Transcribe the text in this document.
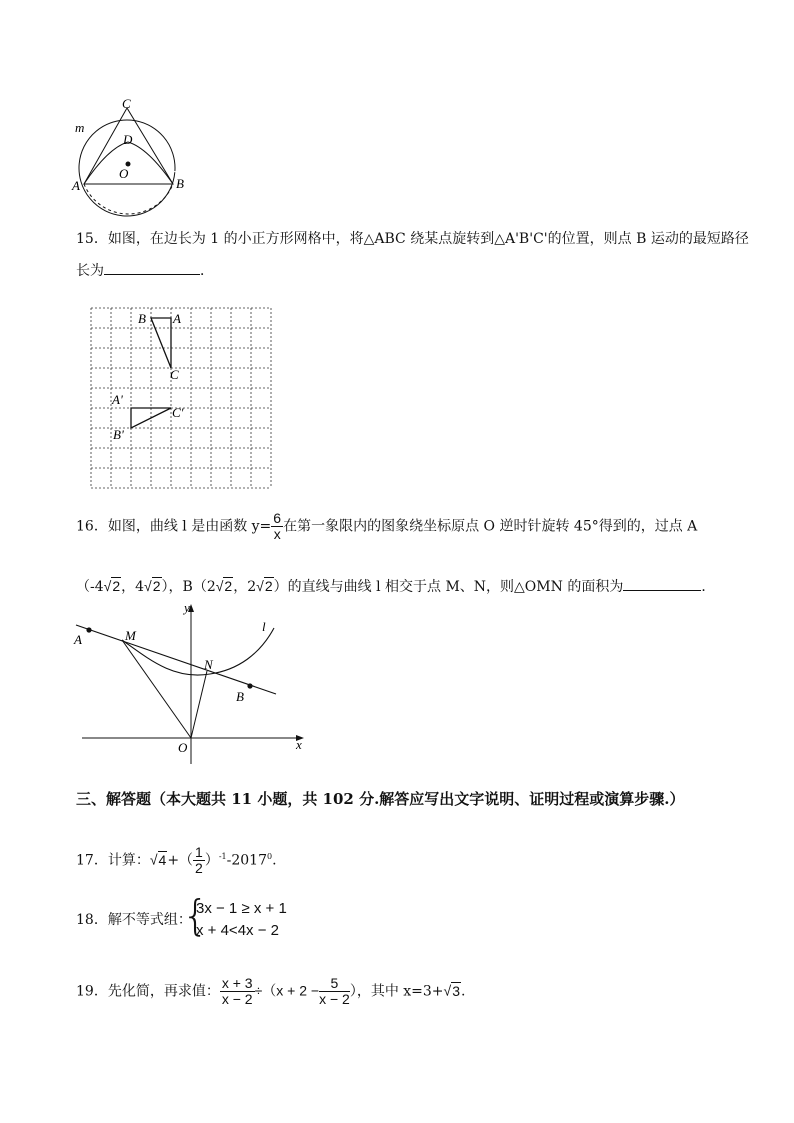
C
D
O
A	B
m
15．如图，在边长为 1 的小正方形网格中，将△ABC 绕某点旋转到△A'B'C'的位置，则点 B 运动的最短路径
长为	．
B A
C
A'
C'
B'
16．如图，曲线 l 是由函数 $y= \frac{6}{x}$ 在第一象限内的图象绕坐标原点 O 逆时针旋转 45°得到的，过点 A
（-4√2，4√2），B（2√2，2√2）的直线与曲线 l 相交于点 M、N，则△OMN 的面积为	．
y
l
A	M
N
B
O	x
三、解答题（本大题共 11 小题，共 102 分.解答应写出文字说明、证明过程或演算步骤.）
17．计算：$√4+( \frac{1}{2} )^{-1}-2017^0$.
18．解不等式组：
{
3x − 1 ≥ x + 1
x + 4<4x − 2
19．先化简，再求值： $\frac{x + 3}{x - 2} \div(x + 2 - \frac{5}{x - 2}$ ），其中 x=3+√3.
